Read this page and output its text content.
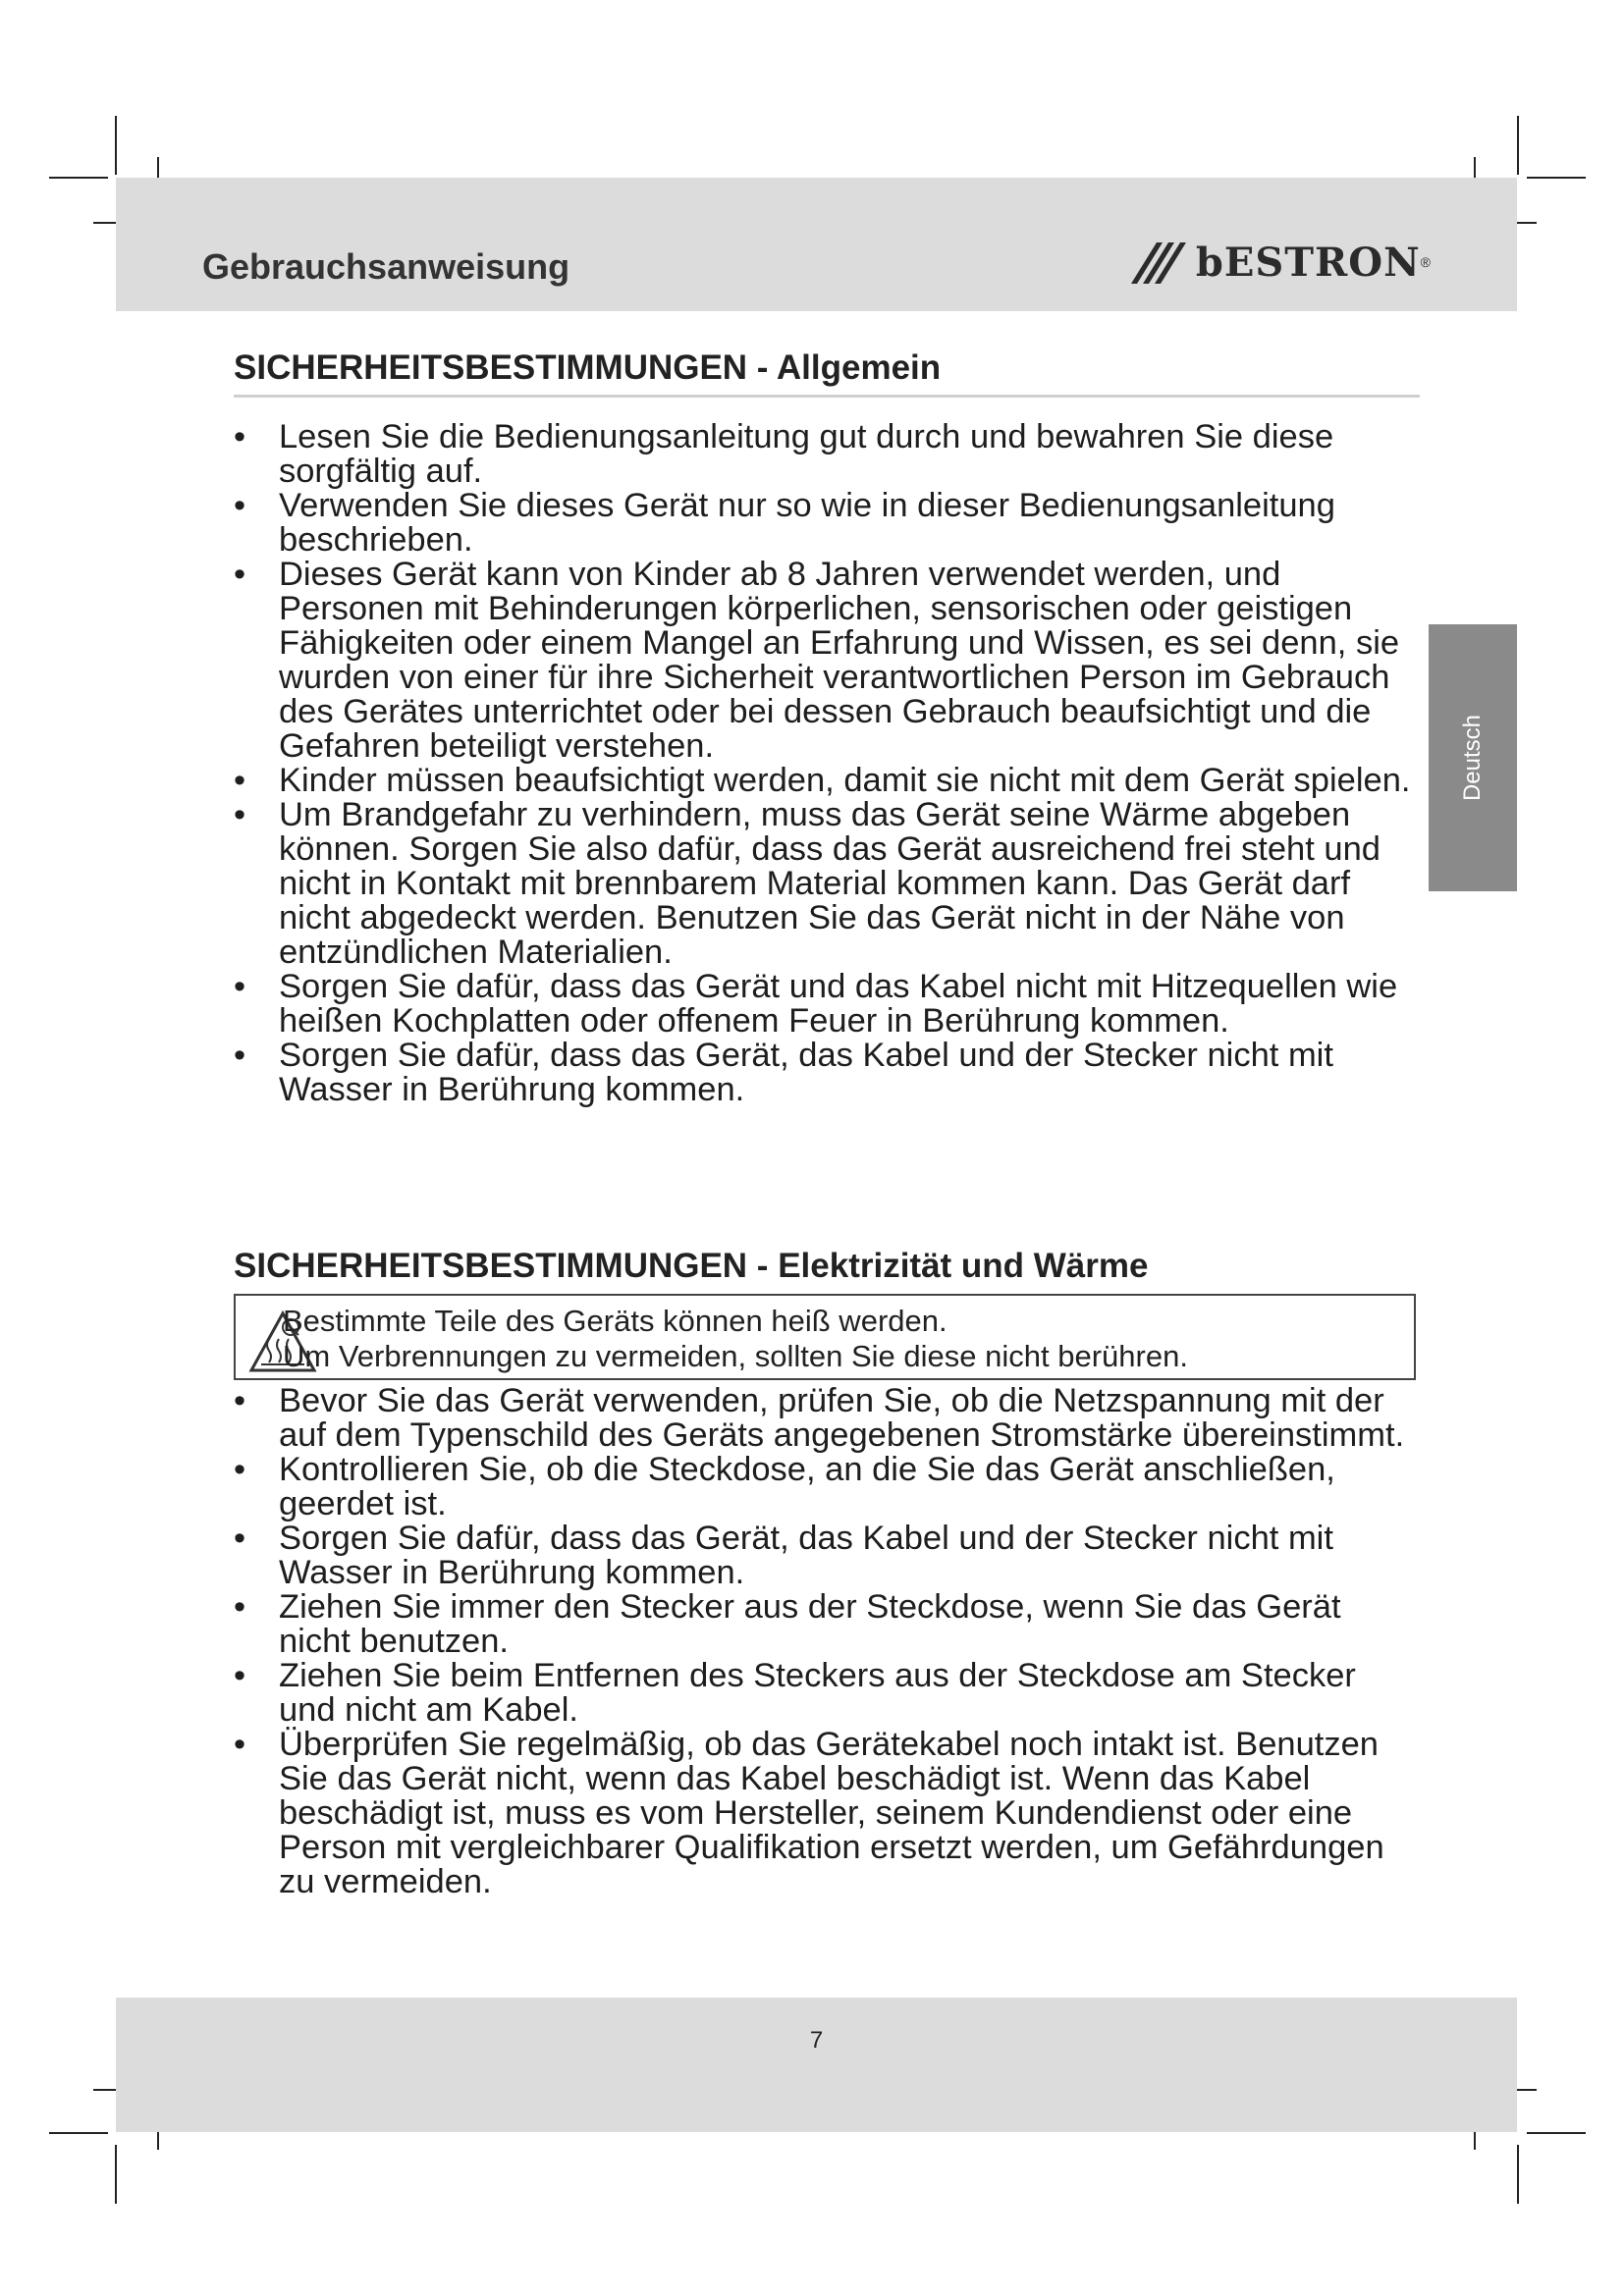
Gebrauchsanweisung	bESTRON ®
Deutsch
SICHERHEITSBESTIMMUNGEN - Allgemein
• Lesen Sie die Bedienungsanleitung gut durch und bewahren Sie diese sorgfältig auf.
• Verwenden Sie dieses Gerät nur so wie in dieser Bedienungsanleitung beschrieben.
• Dieses Gerät kann von Kinder ab 8 Jahren verwendet werden, und Personen mit Behinderungen körperlichen, sensorischen oder geistigen Fähigkeiten oder einem Mangel an Erfahrung und Wissen, es sei denn, sie wurden von einer für ihre Sicherheit verantwortlichen Person im Gebrauch des Gerätes unterrichtet oder bei dessen Gebrauch beaufsichtigt und die Gefahren beteiligt verstehen.
• Kinder müssen beaufsichtigt werden, damit sie nicht mit dem Gerät spielen.
• Um Brandgefahr zu verhindern, muss das Gerät seine Wärme abgeben können. Sorgen Sie also dafür, dass das Gerät ausreichend frei steht und nicht in Kontakt mit brennbarem Material kommen kann. Das Gerät darf nicht abgedeckt werden. Benutzen Sie das Gerät nicht in der Nähe von entzündlichen Materialien.
• Sorgen Sie dafür, dass das Gerät und das Kabel nicht mit Hitzequellen wie heißen Kochplatten oder offenem Feuer in Berührung kommen.
• Sorgen Sie dafür, dass das Gerät, das Kabel und der Stecker nicht mit Wasser in Berührung kommen.
SICHERHEITSBESTIMMUNGEN - Elektrizität und Wärme
Bestimmte Teile des Geräts können heiß werden.
Um Verbrennungen zu vermeiden, sollten Sie diese nicht berühren.
• Bevor Sie das Gerät verwenden, prüfen Sie, ob die Netzspannung mit der auf dem Typenschild des Geräts angegebenen Stromstärke übereinstimmt.
• Kontrollieren Sie, ob die Steckdose, an die Sie das Gerät anschließen, geerdet ist.
• Sorgen Sie dafür, dass das Gerät, das Kabel und der Stecker nicht mit Wasser in Berührung kommen.
• Ziehen Sie immer den Stecker aus der Steckdose, wenn Sie das Gerät nicht benutzen.
• Ziehen Sie beim Entfernen des Steckers aus der Steckdose am Stecker und nicht am Kabel.
• Überprüfen Sie regelmäßig, ob das Gerätekabel noch intakt ist. Benutzen Sie das Gerät nicht, wenn das Kabel beschädigt ist. Wenn das Kabel beschädigt ist, muss es vom Hersteller, seinem Kundendienst oder eine Person mit vergleichbarer Qualifikation ersetzt werden, um Gefährdungen zu vermeiden.
7
